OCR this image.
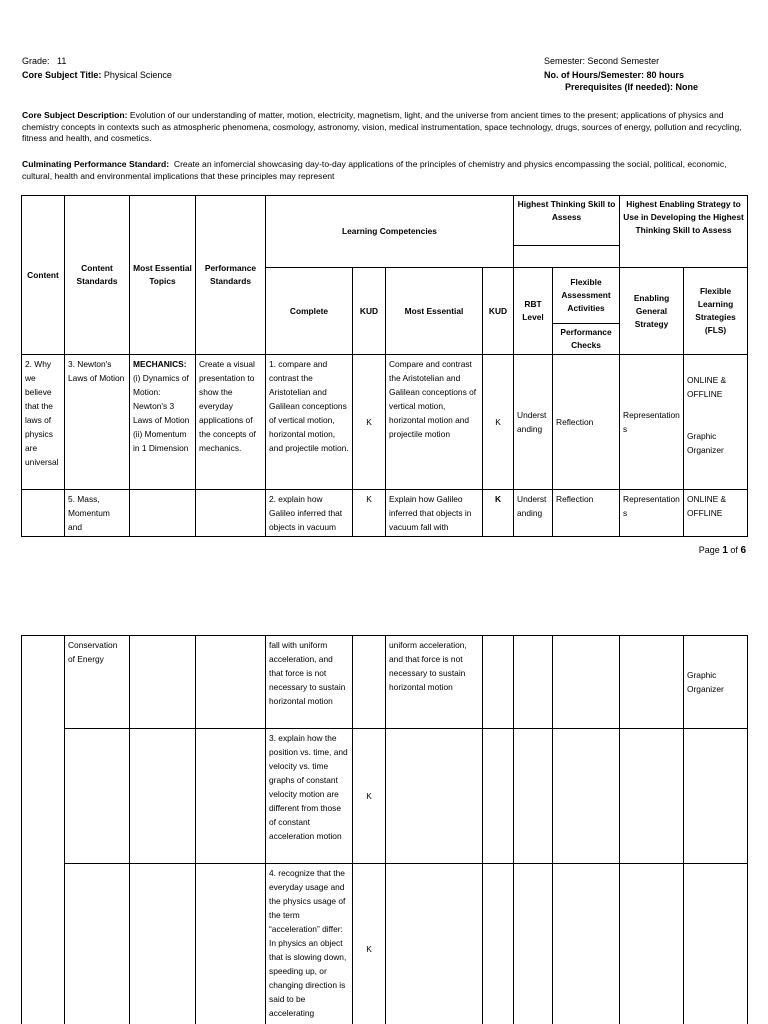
Grade: 11
Core Subject Title: Physical Science
Semester: Second Semester
No. of Hours/Semester: 80 hours
Prerequisites (If needed): None
Core Subject Description: Evolution of our understanding of matter, motion, electricity, magnetism, light, and the universe from ancient times to the present; applications of physics and chemistry concepts in contexts such as atmospheric phenomena, cosmology, astronomy, vision, medical instrumentation, space technology, drugs, sources of energy, pollution and recycling, fitness and health, and cosmetics.
Culminating Performance Standard: Create an infomercial showcasing day-to-day applications of the principles of chemistry and physics encompassing the social, political, economic, cultural, health and environmental implications that these principles may represent
Content	Content Standards	Most Essential Topics	Performance Standards	Learning Competencies				Highest Thinking Skill to Assess		Highest Enabling Strategy to Use in Developing the Highest Thinking Skill to Assess	

				Complete	KUD	Most Essential	KUD	RBT Level	Flexible Assessment Activities	Enabling General Strategy	Flexible Learning Strategies (FLS)
									Performance Checks		
2. Why we believe that the laws of physics are universal	3. Newton's Laws of Motion	MECHANICS: (i) Dynamics of Motion: Newton's 3 Laws of Motion (ii) Momentum in 1 Dimension	Create a visual presentation to show the everyday applications of the concepts of mechanics.	1. compare and contrast the Aristotelian and Galilean conceptions of vertical motion, horizontal motion, and projectile motion.	K	Compare and contrast the Aristotelian and Galilean conceptions of vertical motion, horizontal motion and projectile motion	K	Understanding	Reflection	Representations	ONLINE & OFFLINE
Graphic Organizer

	5. Mass, Momentum and			2. explain how Galileo inferred that objects in vacuum	K	Explain how Galileo inferred that objects in vacuum fall with	K	Understanding	Reflection	Representations	ONLINE & OFFLINE
Page 1 of 6
	Conservation of Energy			fall with uniform acceleration, and that force is not necessary to sustain horizontal motion		uniform acceleration, and that force is not necessary to sustain horizontal motion					Graphic Organizer
				3. explain how the position vs. time, and velocity vs. time graphs of constant velocity motion are different from those of constant acceleration motion	K						
				4. recognize that the everyday usage and the physics usage of the term “acceleration” differ: In physics an object that is slowing down, speeding up, or changing direction is said to be accelerating	K						
